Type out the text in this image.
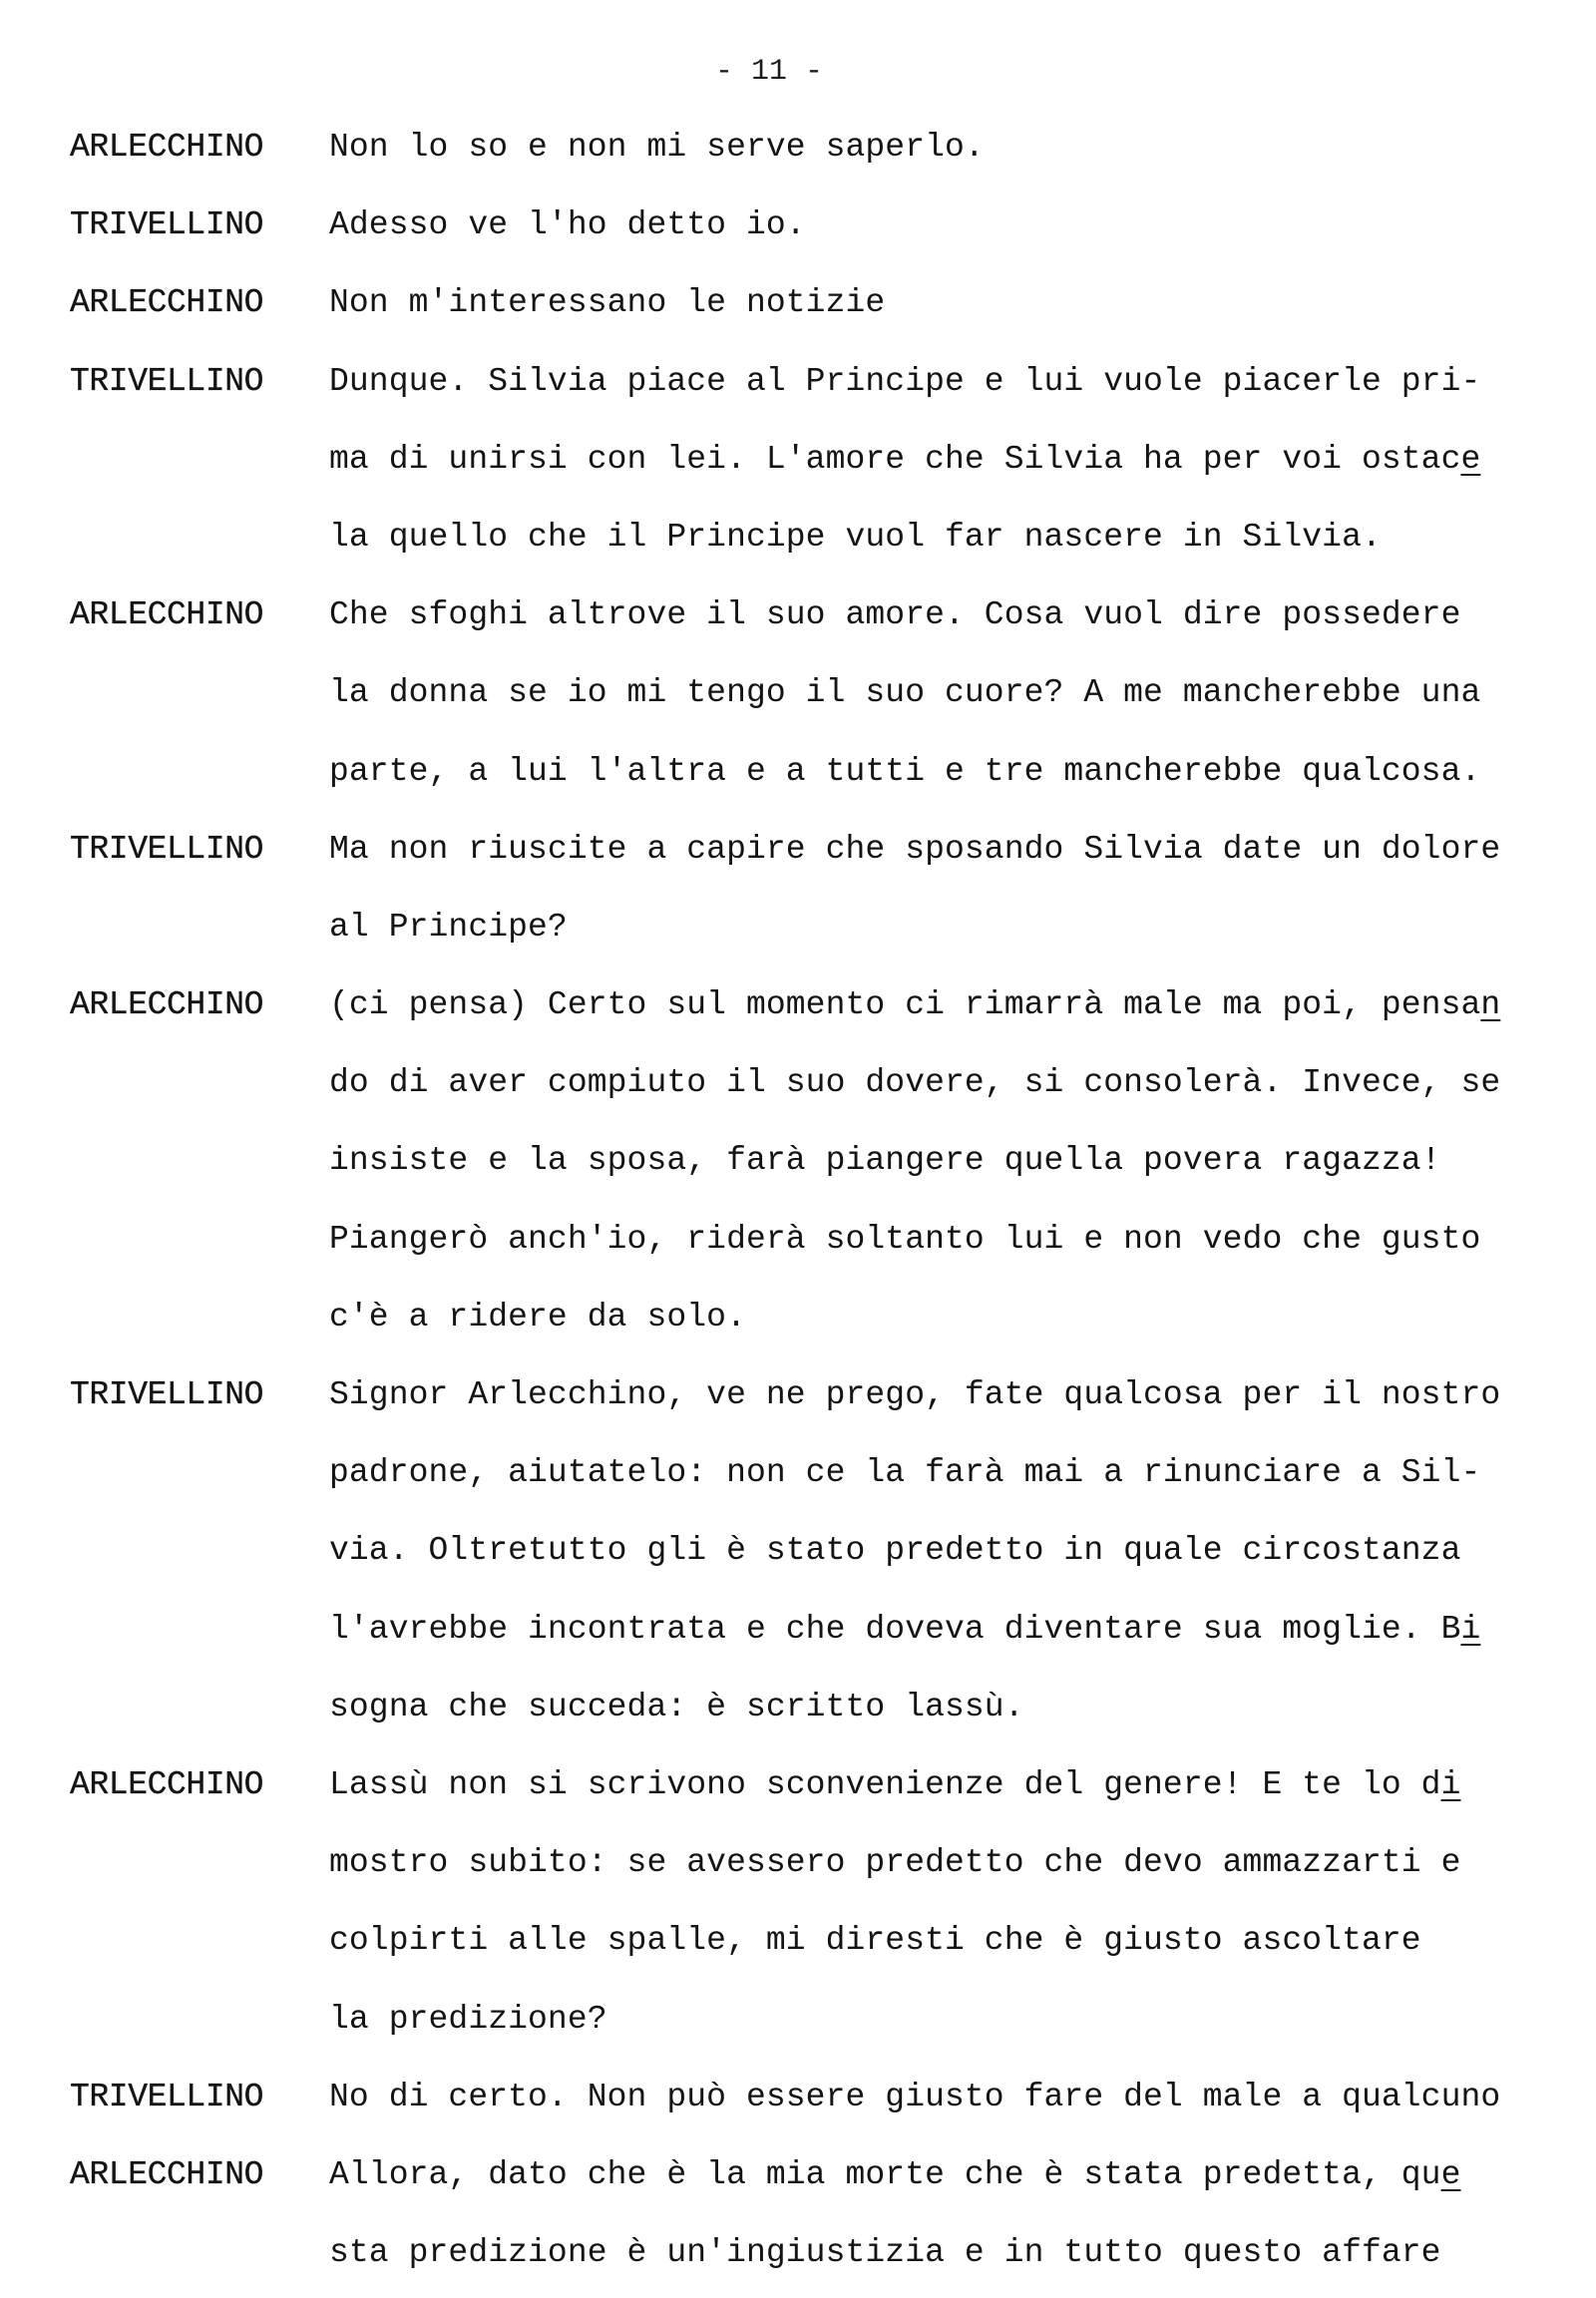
- 11 -
ARLECCHINO Non lo so e non mi serve saperlo.
TRIVELLINO Adesso ve l'ho detto io.
ARLECCHINO Non m'interessano le notizie
TRIVELLINO Dunque. Silvia piace al Principe e lui vuole piacerle pri-
ma di unirsi con lei. L'amore che Silvia ha per voi ostace
la quello che il Principe vuol far nascere in Silvia.
ARLECCHINO Che sfoghi altrove il suo amore. Cosa vuol dire possedere
la donna se io mi tengo il suo cuore? A me mancherebbe una
parte, a lui l'altra e a tutti e tre mancherebbe qualcosa.
TRIVELLINO Ma non riuscite a capire che sposando Silvia date un dolore
al Principe?
ARLECCHINO (ci pensa) Certo sul momento ci rimarrà male ma poi, pensan
do di aver compiuto il suo dovere, si consolerà. Invece, se
insiste e la sposa, farà piangere quella povera ragazza!
Piangerò anch'io, riderà soltanto lui e non vedo che gusto
c'è a ridere da solo.
TRIVELLINO Signor Arlecchino, ve ne prego, fate qualcosa per il nostro
padrone, aiutatelo: non ce la farà mai a rinunciare a Sil-
via. Oltretutto gli è stato predetto in quale circostanza
l'avrebbe incontrata e che doveva diventare sua moglie. Bi
sogna che succeda: è scritto lassù.
ARLECCHINO Lassù non si scrivono sconvenienze del genere! E te lo di
mostro subito: se avessero predetto che devo ammazzarti e
colpirti alle spalle, mi diresti che è giusto ascoltare
la predizione?
TRIVELLINO No di certo. Non può essere giusto fare del male a qualcuno
ARLECCHINO Allora, dato che è la mia morte che è stata predetta, que
sta predizione è un'ingiustizia e in tutto questo affare
